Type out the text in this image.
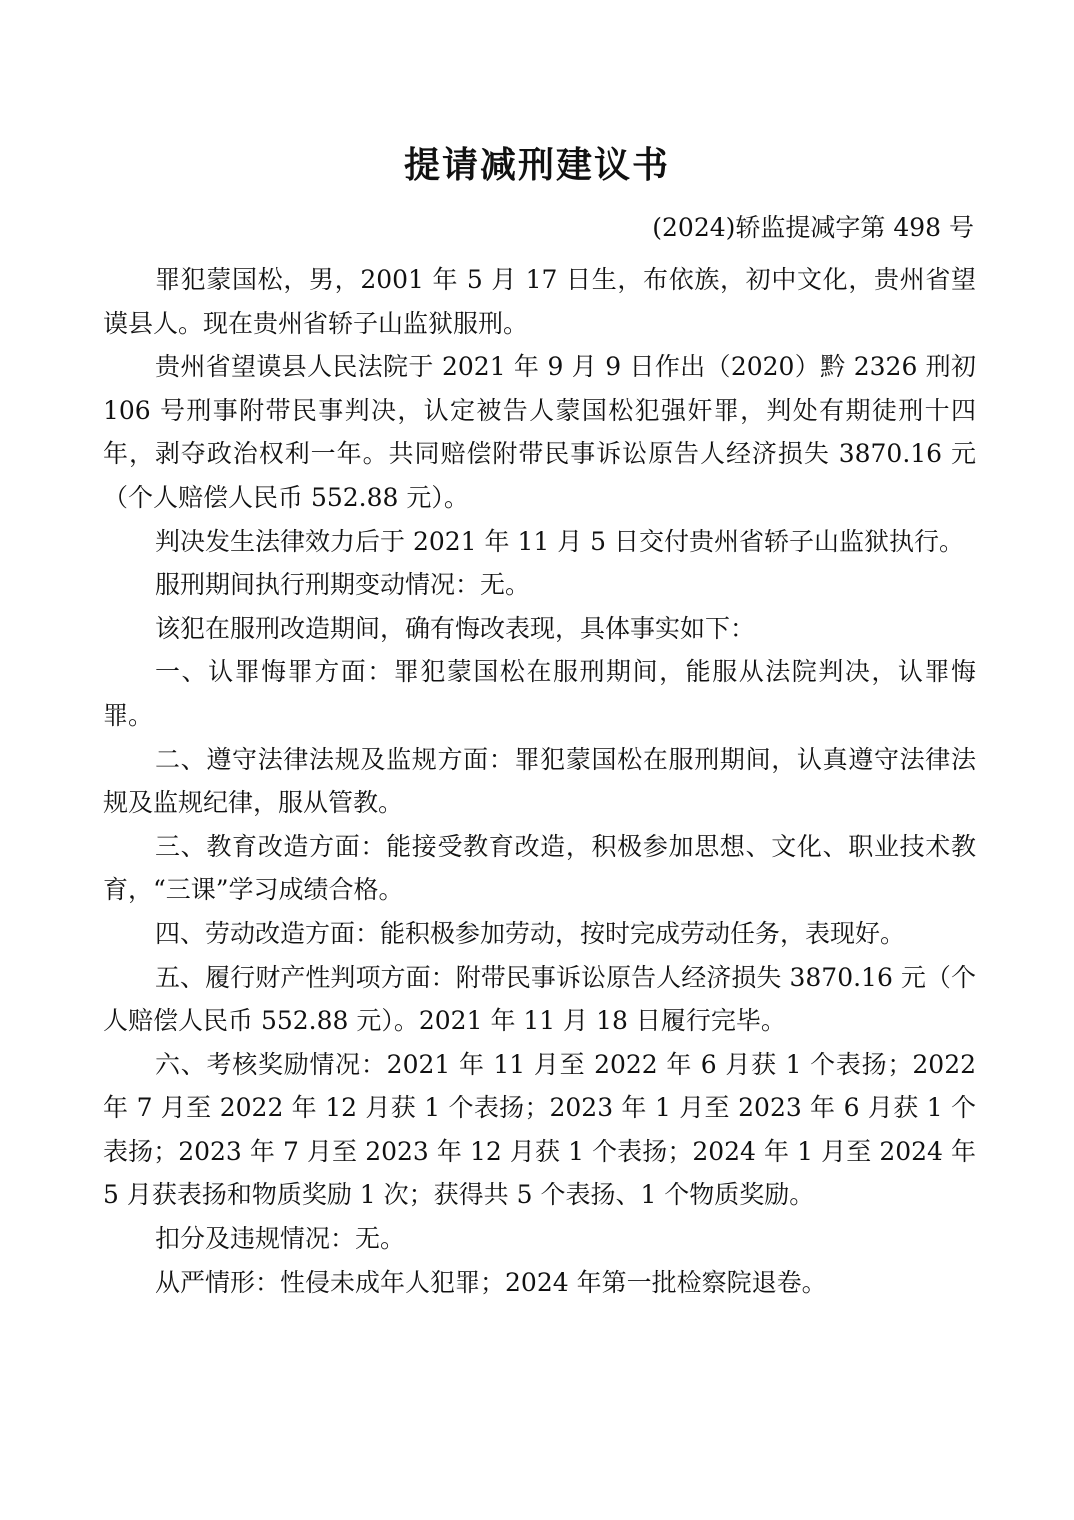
提请减刑建议书
(2024)轿监提减字第 498 号

罪犯蒙国松，男，2001 年 5 月 17 日生，布依族，初中文化，贵州省望谟县人。现在贵州省轿子山监狱服刑。

贵州省望谟县人民法院于 2021 年 9 月 9 日作出（2020）黔 2326 刑初 106 号刑事附带民事判决，认定被告人蒙国松犯强奸罪，判处有期徒刑十四年，剥夺政治权利一年。共同赔偿附带民事诉讼原告人经济损失 3870.16 元（个人赔偿人民币 552.88 元）。

判决发生法律效力后于 2021 年 11 月 5 日交付贵州省轿子山监狱执行。

服刑期间执行刑期变动情况：无。

该犯在服刑改造期间，确有悔改表现，具体事实如下：

一、认罪悔罪方面：罪犯蒙国松在服刑期间，能服从法院判决，认罪悔罪。

二、遵守法律法规及监规方面：罪犯蒙国松在服刑期间，认真遵守法律法规及监规纪律，服从管教。

三、教育改造方面：能接受教育改造，积极参加思想、文化、职业技术教育，“三课”学习成绩合格。

四、劳动改造方面：能积极参加劳动，按时完成劳动任务，表现好。

五、履行财产性判项方面：附带民事诉讼原告人经济损失 3870.16 元（个人赔偿人民币 552.88 元）。2021 年 11 月 18 日履行完毕。

六、考核奖励情况：2021 年 11 月至 2022 年 6 月获 1 个表扬；2022 年 7 月至 2022 年 12 月获 1 个表扬；2023 年 1 月至 2023 年 6 月获 1 个表扬；2023 年 7 月至 2023 年 12 月获 1 个表扬；2024 年 1 月至 2024 年 5 月获表扬和物质奖励 1 次；获得共 5 个表扬、1 个物质奖励。

扣分及违规情况：无。

从严情形：性侵未成年人犯罪；2024 年第一批检察院退卷。
